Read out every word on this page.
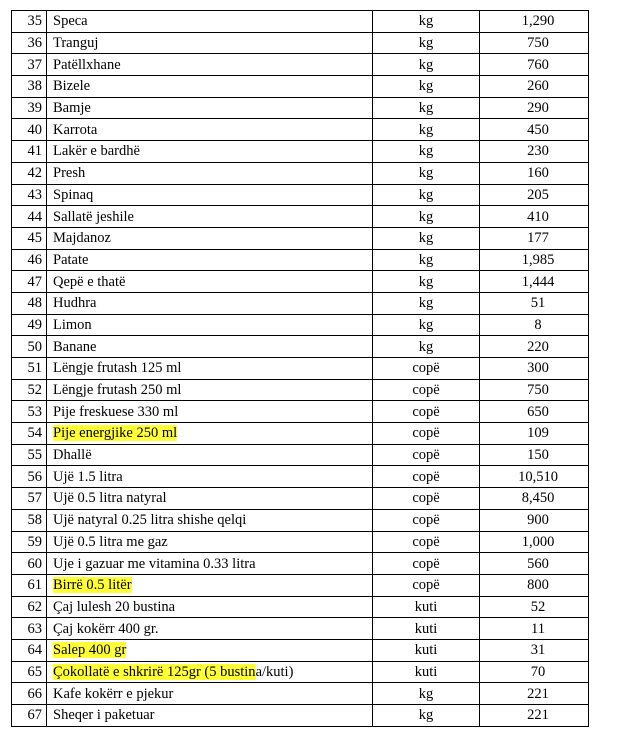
35	Speca	kg	1,290
36	Tranguj	kg	750
37	Patëllxhane	kg	760
38	Bizele	kg	260
39	Bamje	kg	290
40	Karrota	kg	450
41	Lakër e bardhë	kg	230
42	Presh	kg	160
43	Spinaq	kg	205
44	Sallatë jeshile	kg	410
45	Majdanoz	kg	177
46	Patate	kg	1,985
47	Qepë e thatë	kg	1,444
48	Hudhra	kg	51
49	Limon	kg	8
50	Banane	kg	220
51	Lëngje frutash 125 ml	copë	300
52	Lëngje frutash 250 ml	copë	750
53	Pije freskuese 330 ml	copë	650
54	Pije energjike 250 ml	copë	109
55	Dhallë	copë	150
56	Ujë 1.5 litra	copë	10,510
57	Ujë 0.5 litra natyral	copë	8,450
58	Ujë natyral 0.25 litra shishe qelqi	copë	900
59	Ujë 0.5 litra me gaz	copë	1,000
60	Uje i gazuar me vitamina 0.33 litra	copë	560
61	Birrë 0.5 litër	copë	800
62	Çaj lulesh 20 bustina	kuti	52
63	Çaj kokërr 400 gr.	kuti	11
64	Salep 400 gr	kuti	31
65	Çokollatë e shkrirë 125gr (5 bustina/kuti)	kuti	70
66	Kafe kokërr e pjekur	kg	221
67	Sheqer i paketuar	kg	221
